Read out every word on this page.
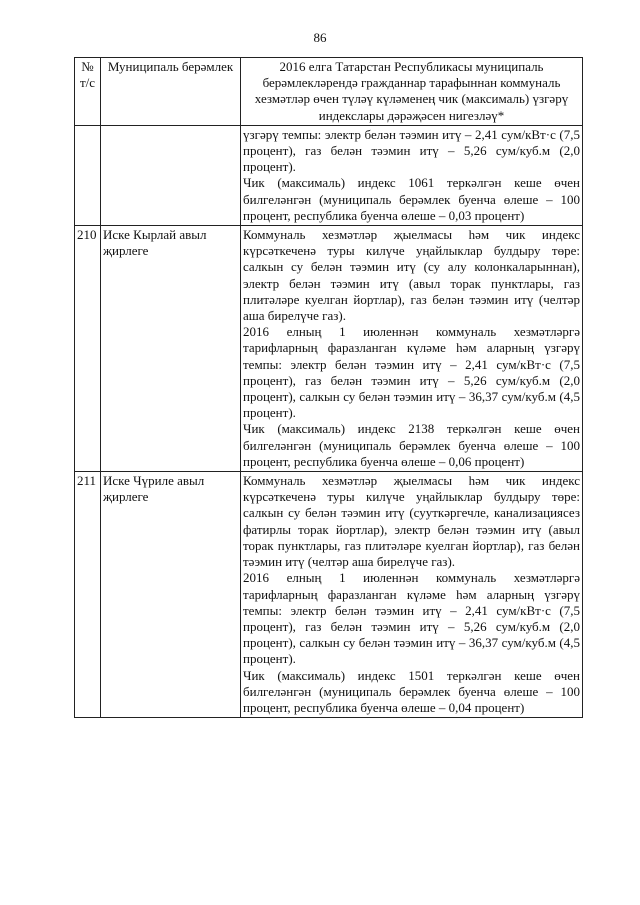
86
№ т/с	Муниципаль берәмлек	2016 елга Татарстан Республикасы муниципаль берәмлекләрендә гражданнар тарафыннан коммуналь хезмәтләр өчен түләү күләменең чик (максималь) үзгәрү индекслары дәрәҗәсен нигезләү*

		үзгәрү темпы: электр белән тәэмин итү – 2,41 сум/кВт·с (7,5 процент), газ белән тәэмин итү – 5,26 сум/куб.м (2,0 процент).
Чик (максималь) индекс 1061 теркәлгән кеше өчен билгеләнгән (муниципаль берәмлек буенча өлеше – 100 процент, республика буенча өлеше – 0,03 процент)

210	Иске Кырлай авыл җирлеге	Коммуналь хезмәтләр җыелмасы һәм чик индекс күрсәткеченә туры килүче уңайлыклар булдыру төре: салкын су белән тәэмин итү (су алу колонкаларыннан), электр белән тәэмин итү (авыл торак пунктлары, газ плитәләре куелган йортлар), газ белән тәэмин итү (челтәр аша бирелүче газ).
2016 елның 1 июленнән коммуналь хезмәтләргә тарифларның фаразланган күләме һәм аларның үзгәрү темпы: электр белән тәэмин итү – 2,41 сум/кВт·с (7,5 процент), газ белән тәэмин итү – 5,26 сум/куб.м (2,0 процент), салкын су белән тәэмин итү – 36,37 сум/куб.м (4,5 процент).
Чик (максималь) индекс 2138 теркәлгән кеше өчен билгеләнгән (муниципаль берәмлек буенча өлеше – 100 процент, республика буенча өлеше – 0,06 процент)

211	Иске Чүриле авыл җирлеге	Коммуналь хезмәтләр җыелмасы һәм чик индекс күрсәткеченә туры килүче уңайлыклар булдыру төре: салкын су белән тәэмин итү (сууткәргечле, канализациясез фатирлы торак йортлар), электр белән тәэмин итү (авыл торак пунктлары, газ плитәләре куелган йортлар), газ белән тәэмин итү (челтәр аша бирелүче газ).
2016 елның 1 июленнән коммуналь хезмәтләргә тарифларның фаразланган күләме һәм аларның үзгәрү темпы: электр белән тәэмин итү – 2,41 сум/кВт·с (7,5 процент), газ белән тәэмин итү – 5,26 сум/куб.м (2,0 процент), салкын су белән тәэмин итү – 36,37 сум/куб.м (4,5 процент).
Чик (максималь) индекс 1501 теркәлгән кеше өчен билгеләнгән (муниципаль берәмлек буенча өлеше – 100 процент, республика буенча өлеше – 0,04 процент)
